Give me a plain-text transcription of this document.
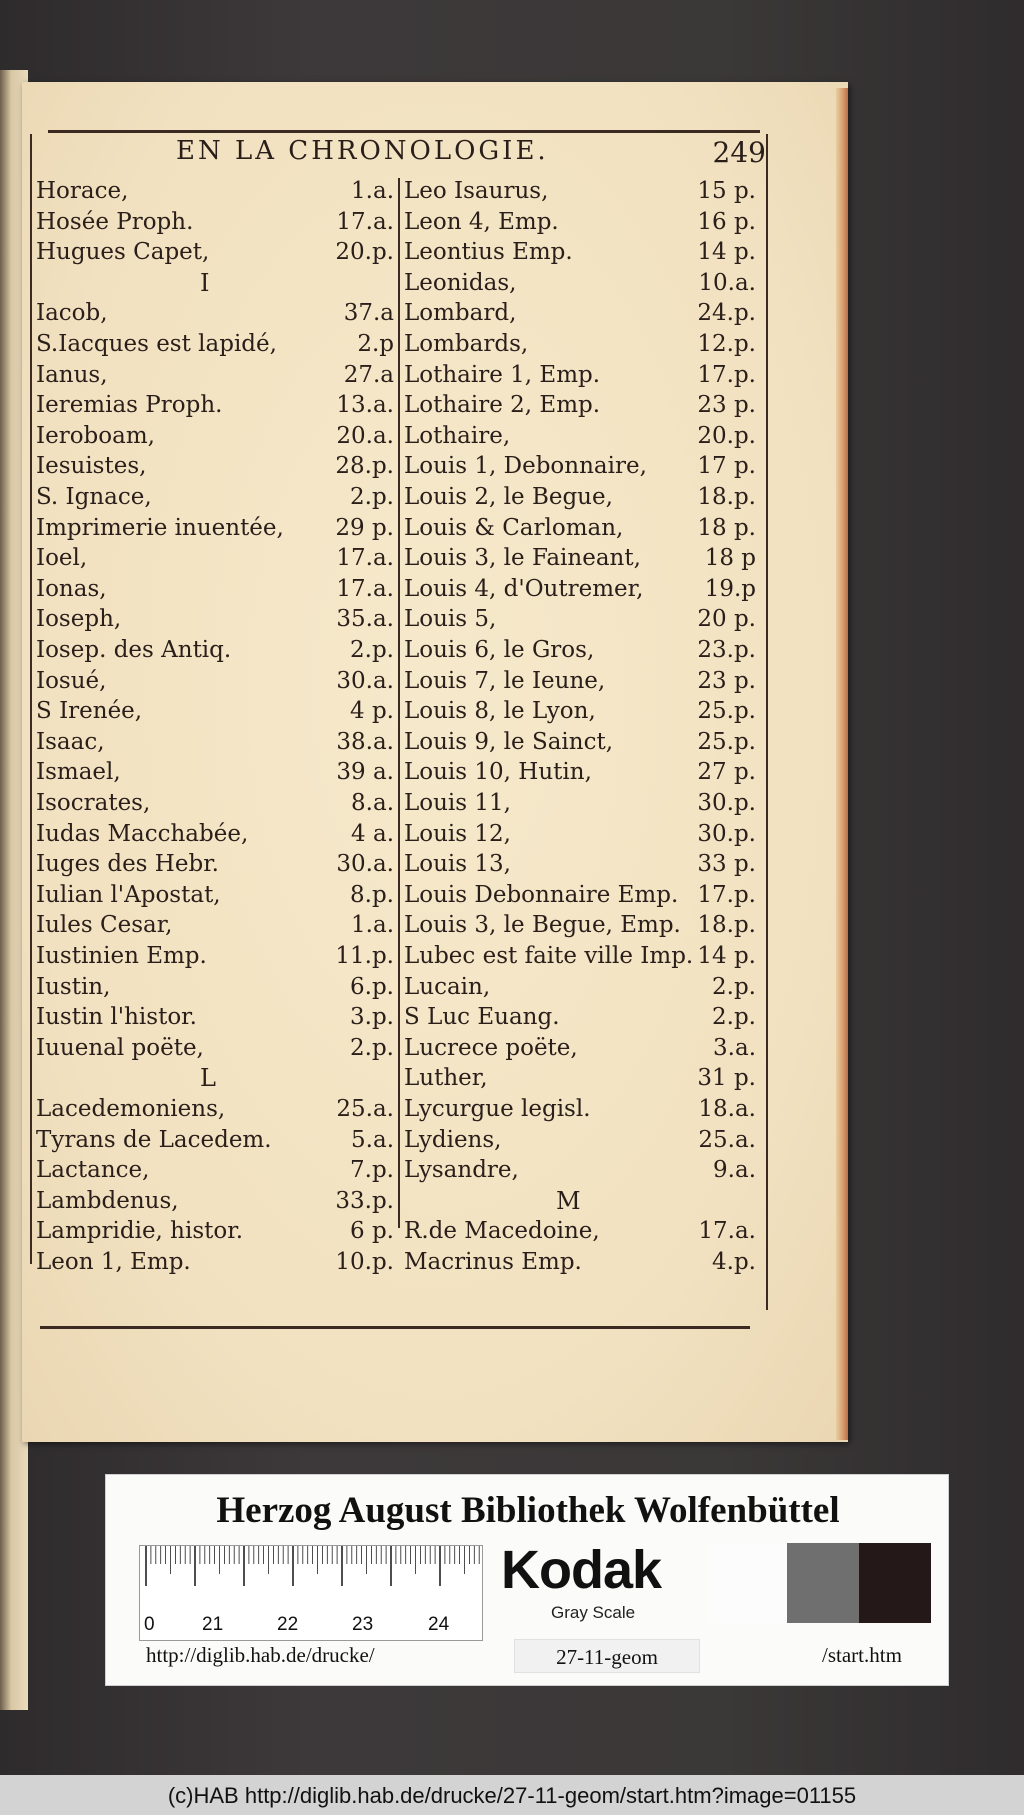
EN LA CHRONOLOGIE.	249
Horace,	1.a.
Hosée Proph.	17.a.
Hugues Capet,	20.p.
I
Iacob,	37.a
S.Iacques est lapidé,	2.p
Ianus,	27.a
Ieremias Proph.	13.a.
Ieroboam,	20.a.
Iesuistes,	28.p.
S. Ignace,	2.p.
Imprimerie inuentée,	29 p.
Ioel,	17.a.
Ionas,	17.a.
Ioseph,	35.a.
Iosep. des Antiq.	2.p.
Iosué,	30.a.
S Irenée,	4 p.
Isaac,	38.a.
Ismael,	39 a.
Isocrates,	8.a.
Iudas Macchabée,	4 a.
Iuges des Hebr.	30.a.
Iulian l'Apostat,	8.p.
Iules Cesar,	1.a.
Iustinien Emp.	11.p.
Iustin,	6.p.
Iustin l'histor.	3.p.
Iuuenal poëte,	2.p.
L
Lacedemoniens,	25.a.
Tyrans de Lacedem.	5.a.
Lactance,	7.p.
Lambdenus,	33.p.
Lampridie, histor.	6 p.
Leon 1, Emp.	10.p.
Leo Isaurus,	15 p.
Leon 4, Emp.	16 p.
Leontius Emp.	14 p.
Leonidas,	10.a.
Lombard,	24.p.
Lombards,	12.p.
Lothaire 1, Emp.	17.p.
Lothaire 2, Emp.	23 p.
Lothaire,	20.p.
Louis 1, Debonnaire,	17 p.
Louis 2, le Begue,	18.p.
Louis & Carloman,	18 p.
Louis 3, le Faineant,	18 p
Louis 4, d'Outremer,	19.p
Louis 5,	20 p.
Louis 6, le Gros,	23.p.
Louis 7, le Ieune,	23 p.
Louis 8, le Lyon,	25.p.
Louis 9, le Sainct,	25.p.
Louis 10, Hutin,	27 p.
Louis 11,	30.p.
Louis 12,	30.p.
Louis 13,	33 p.
Louis Debonnaire Emp. 17.p.
Louis 3, le Begue, Emp. 18.p.
Lubec est faite ville Imp. 14 p.
Lucain,	2.p.
S Luc Euang.	2.p.
Lucrece poëte,	3.a.
Luther,	31 p.
Lycurgue legisl.	18.a.
Lydiens,	25.a.
Lysandre,	9.a.
M
R.de Macedoine,	17.a.
Macrinus Emp.	4.p.
Herzog August Bibliothek Wolfenbüttel
0 21	22	23	24
Kodak
Gray Scale
http://diglib.hab.de/drucke/	27-11-geom	/start.htm
(c)HAB http://diglib.hab.de/drucke/27-11-geom/start.htm?image=01155
